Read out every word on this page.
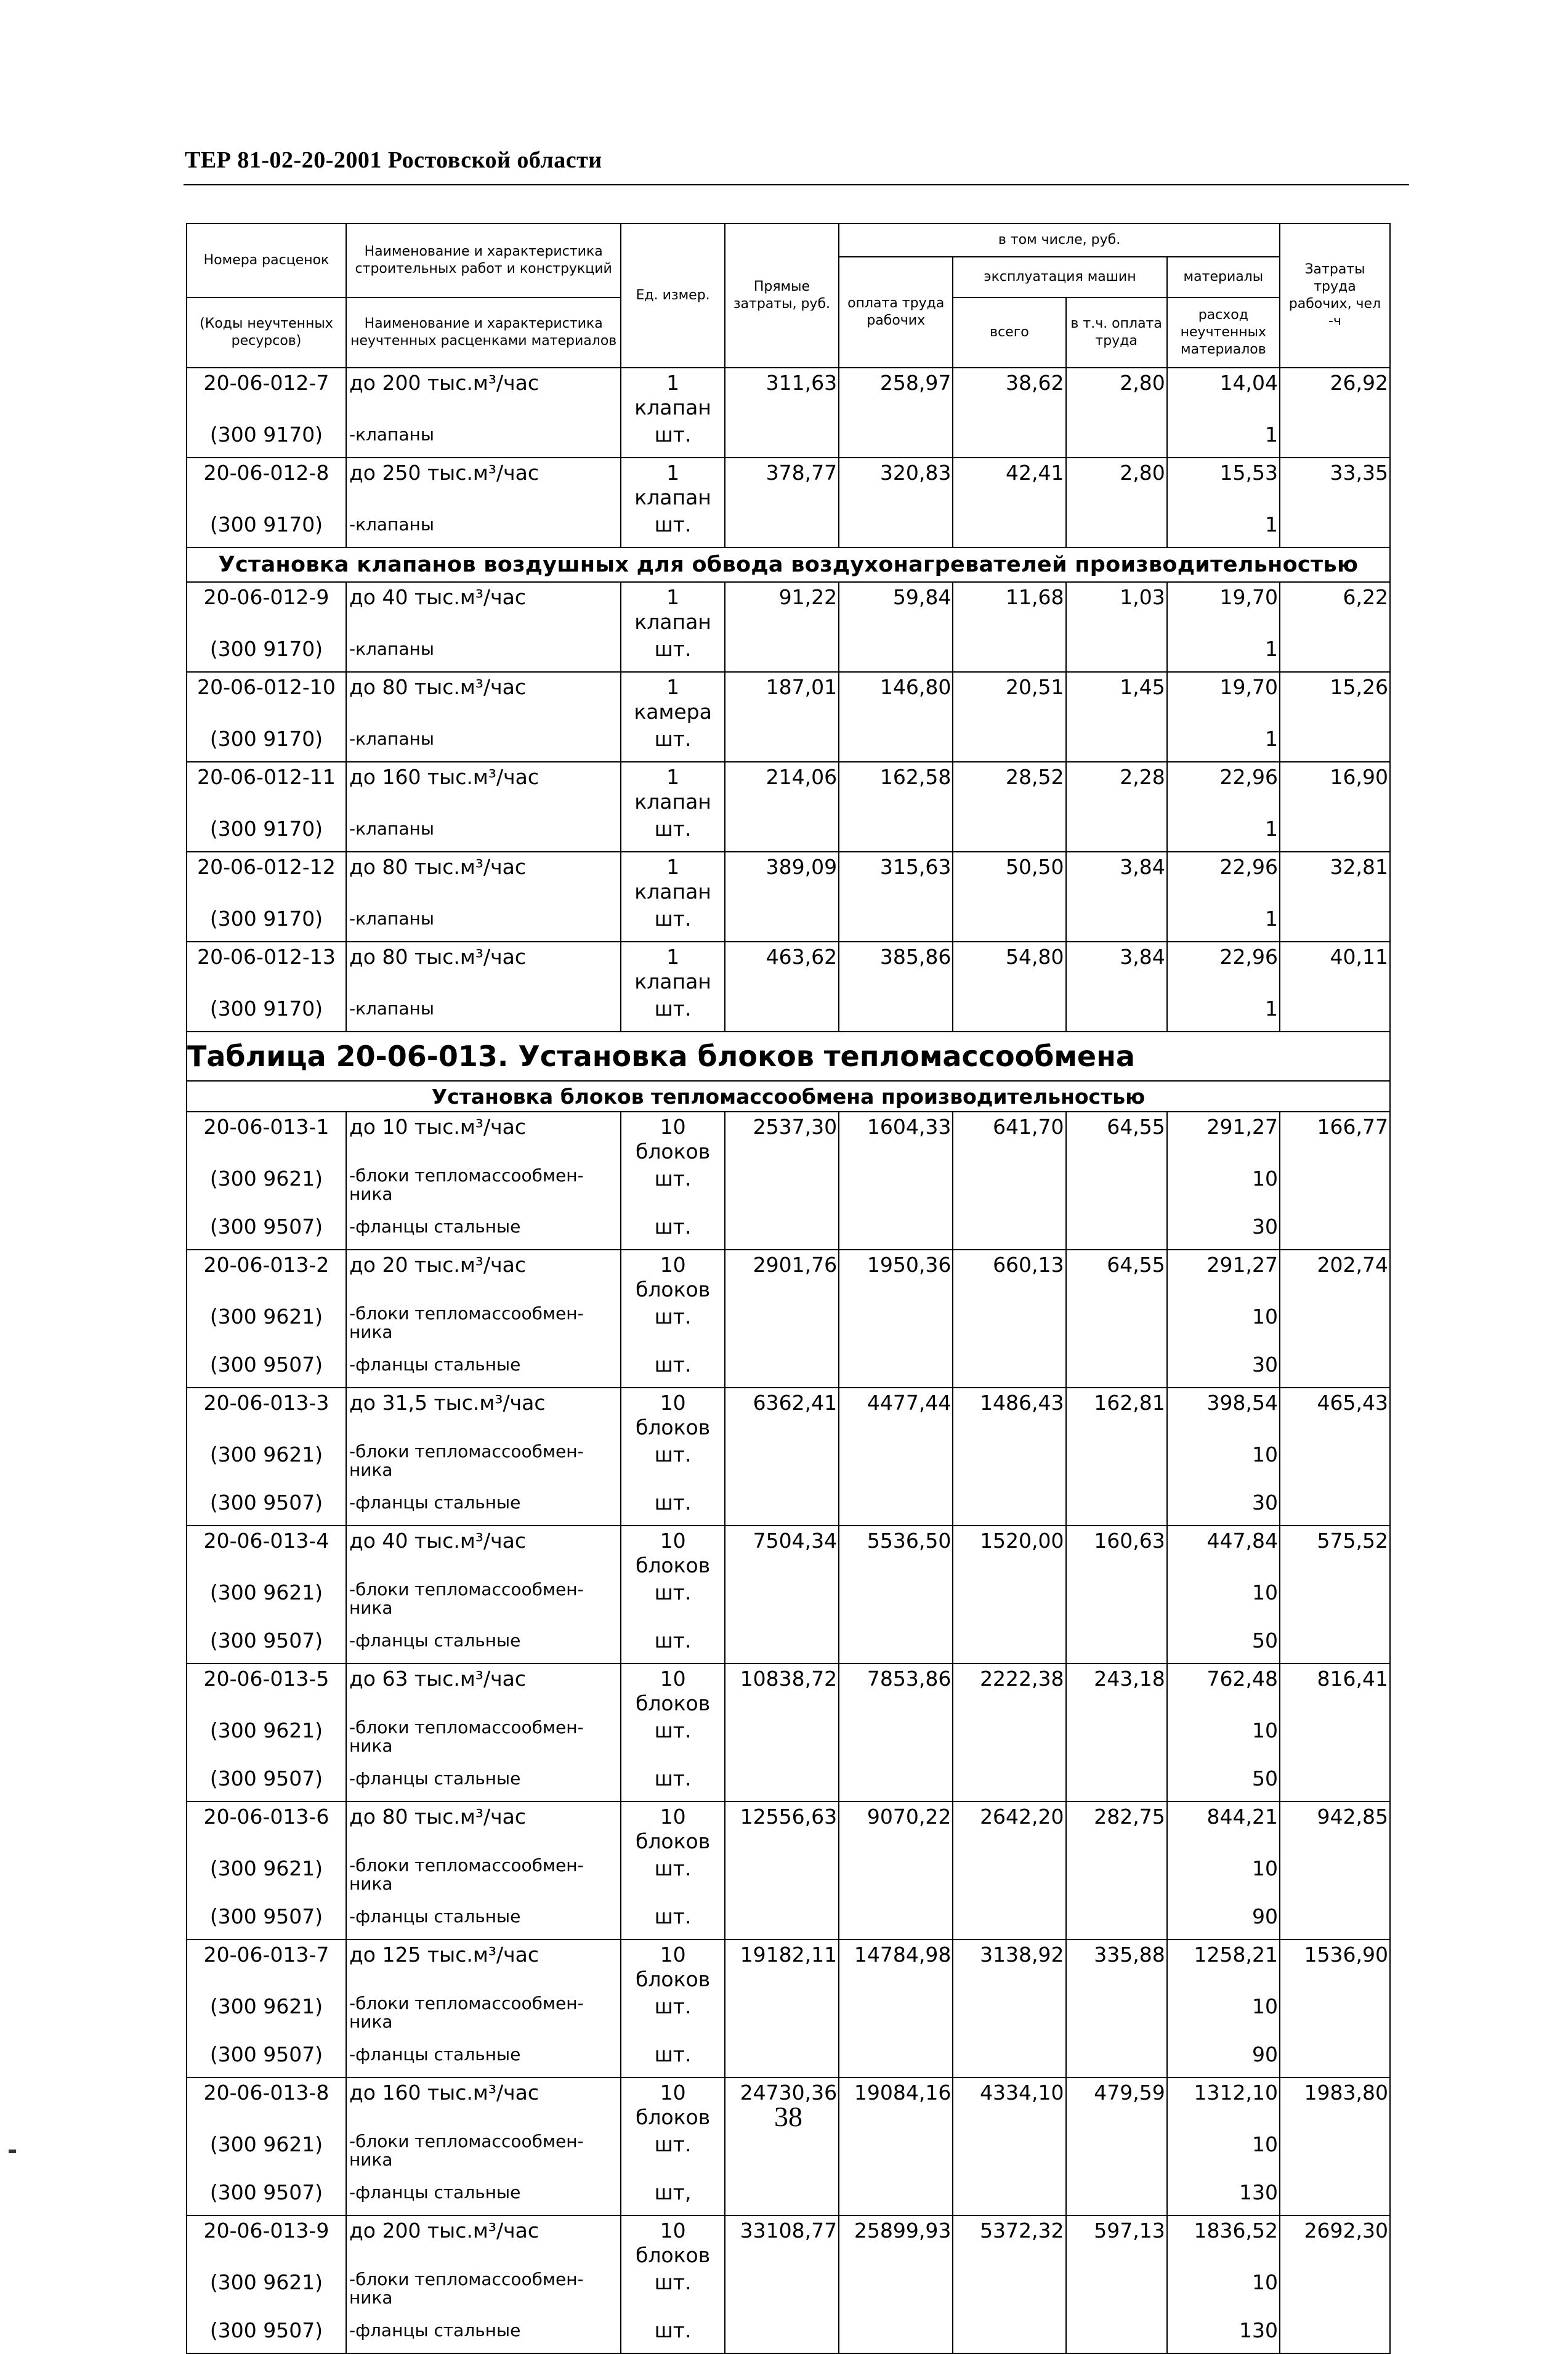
ТЕР 81-02-20-2001 Ростовской области
Номера расценок	Наименование и характеристика строительных работ и конструкций	Ед. измер.	Прямые затраты, руб.	в том числе, руб.				Затраты труда рабочих, чел -ч
				оплата труда рабочих	эксплуатация машин		материалы	
(Коды неучтенных ресурсов)	Наименование и характеристика неучтенных расценками материалов				всего	в т.ч. оплата труда	расход неучтенных материалов	

20-06-012-7	до 200 тыс.м³/час	1 клапан	311,63	258,97	38,62	2,80	14,04	26,92
(300 9170)	-клапаны	шт.					1	
20-06-012-8	до 250 тыс.м³/час	1 клапан	378,77	320,83	42,41	2,80	15,53	33,35
(300 9170)	-клапаны	шт.					1	
Установка клапанов воздушных для обвода воздухонагревателей производительностью								
20-06-012-9	до 40 тыс.м³/час	1 клапан	91,22	59,84	11,68	1,03	19,70	6,22
(300 9170)	-клапаны	шт.					1	
20-06-012-10	до 80 тыс.м³/час	1 камера	187,01	146,80	20,51	1,45	19,70	15,26
(300 9170)	-клапаны	шт.					1	
20-06-012-11	до 160 тыс.м³/час	1 клапан	214,06	162,58	28,52	2,28	22,96	16,90
(300 9170)	-клапаны	шт.					1	
20-06-012-12	до 80 тыс.м³/час	1 клапан	389,09	315,63	50,50	3,84	22,96	32,81
(300 9170)	-клапаны	шт.					1	
20-06-012-13	до 80 тыс.м³/час	1 клапан	463,62	385,86	54,80	3,84	22,96	40,11
(300 9170)	-клапаны	шт.					1	
Таблица 20-06-013. Установка блоков тепломассообмена								
Установка блоков тепломассообмена производительностью								
20-06-013-1	до 10 тыс.м³/час	10 блоков	2537,30	1604,33	641,70	64,55	291,27	166,77
(300 9621)	-блоки тепломассообмен-ника	шт.					10	
(300 9507)	-фланцы стальные	шт.					30	
20-06-013-2	до 20 тыс.м³/час	10 блоков	2901,76	1950,36	660,13	64,55	291,27	202,74
(300 9621)	-блоки тепломассообмен-ника	шт.					10	
(300 9507)	-фланцы стальные	шт.					30	
20-06-013-3	до 31,5 тыс.м³/час	10 блоков	6362,41	4477,44	1486,43	162,81	398,54	465,43
(300 9621)	-блоки тепломассообмен-ника	шт.					10	
(300 9507)	-фланцы стальные	шт.					30	
20-06-013-4	до 40 тыс.м³/час	10 блоков	7504,34	5536,50	1520,00	160,63	447,84	575,52
(300 9621)	-блоки тепломассообмен-ника	шт.					10	
(300 9507)	-фланцы стальные	шт.					50	
20-06-013-5	до 63 тыс.м³/час	10 блоков	10838,72	7853,86	2222,38	243,18	762,48	816,41
(300 9621)	-блоки тепломассообмен-ника	шт.					10	
(300 9507)	-фланцы стальные	шт.					50	
20-06-013-6	до 80 тыс.м³/час	10 блоков	12556,63	9070,22	2642,20	282,75	844,21	942,85
(300 9621)	-блоки тепломассообмен-ника	шт.					10	
(300 9507)	-фланцы стальные	шт.					90	
20-06-013-7	до 125 тыс.м³/час	10 блоков	19182,11	14784,98	3138,92	335,88	1258,21	1536,90
(300 9621)	-блоки тепломассообмен-ника	шт.					10	
(300 9507)	-фланцы стальные	шт.					90	
20-06-013-8	до 160 тыс.м³/час	10 блоков	24730,36	19084,16	4334,10	479,59	1312,10	1983,80
(300 9621)	-блоки тепломассообмен-ника	шт.					10	
(300 9507)	-фланцы стальные	шт,					130	
20-06-013-9	до 200 тыс.м³/час	10 блоков	33108,77	25899,93	5372,32	597,13	1836,52	2692,30
(300 9621)	-блоки тепломассообмен-ника	шт.					10	
(300 9507)	-фланцы стальные	шт.					130	
38
